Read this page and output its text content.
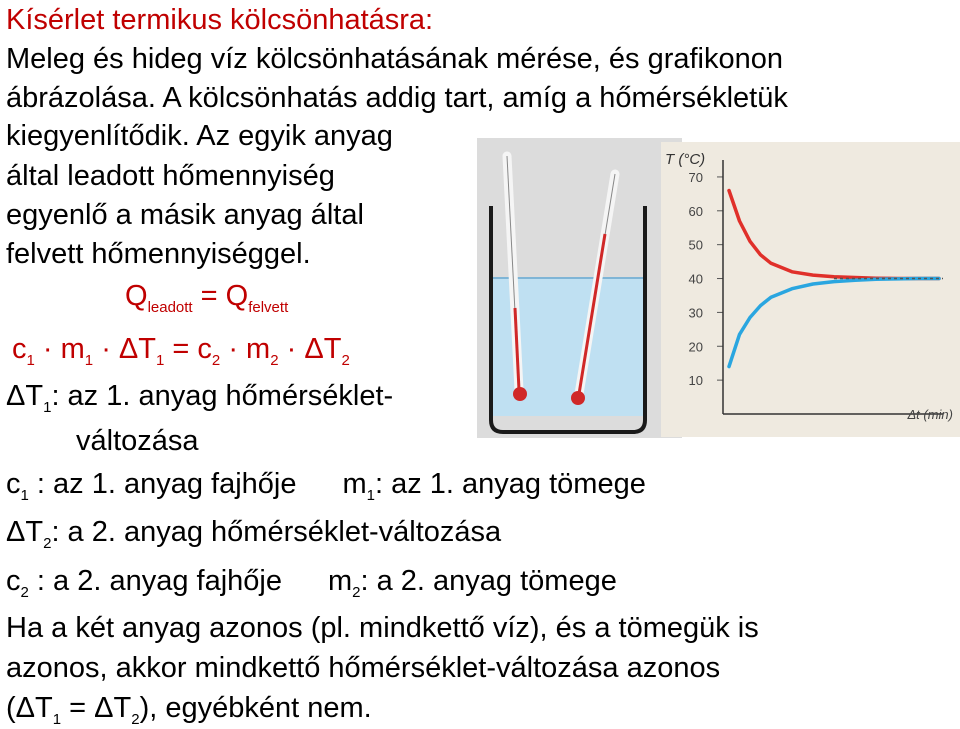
Kísérlet termikus kölcsönhatásra:
Meleg és hideg víz kölcsönhatásának mérése, és grafikonon
ábrázolása. A kölcsönhatás addig tart, amíg a hőmérsékletük
kiegyenlítődik. Az egyik anyag
által leadott hőmennyiség
egyenlő a másik anyag által
felvett hőmennyiséggel.
$Q_{leadott} = Q_{felvett}$
$c_1 \cdot m_1 \cdot \Delta T_1 = c_2 \cdot m_2 \cdot \Delta T_2$
$\Delta T_1$: az 1. anyag hőmérséklet-
változása
$c_1$ : az 1. anyag fajhője $m_1$: az 1. anyag tömege
$\Delta T_2$: a 2. anyag hőmérséklet-változása
$c_2$ : a 2. anyag fajhője $m_2$: a 2. anyag tömege
Ha a két anyag azonos (pl. mindkettő víz), és a tömegük is
azonos, akkor mindkettő hőmérséklet-változása azonos
$(\Delta T_1 = \Delta T_2)$, egyébként nem.
70
60
50
40
30
20
10
T (°C)
Δt (min)
